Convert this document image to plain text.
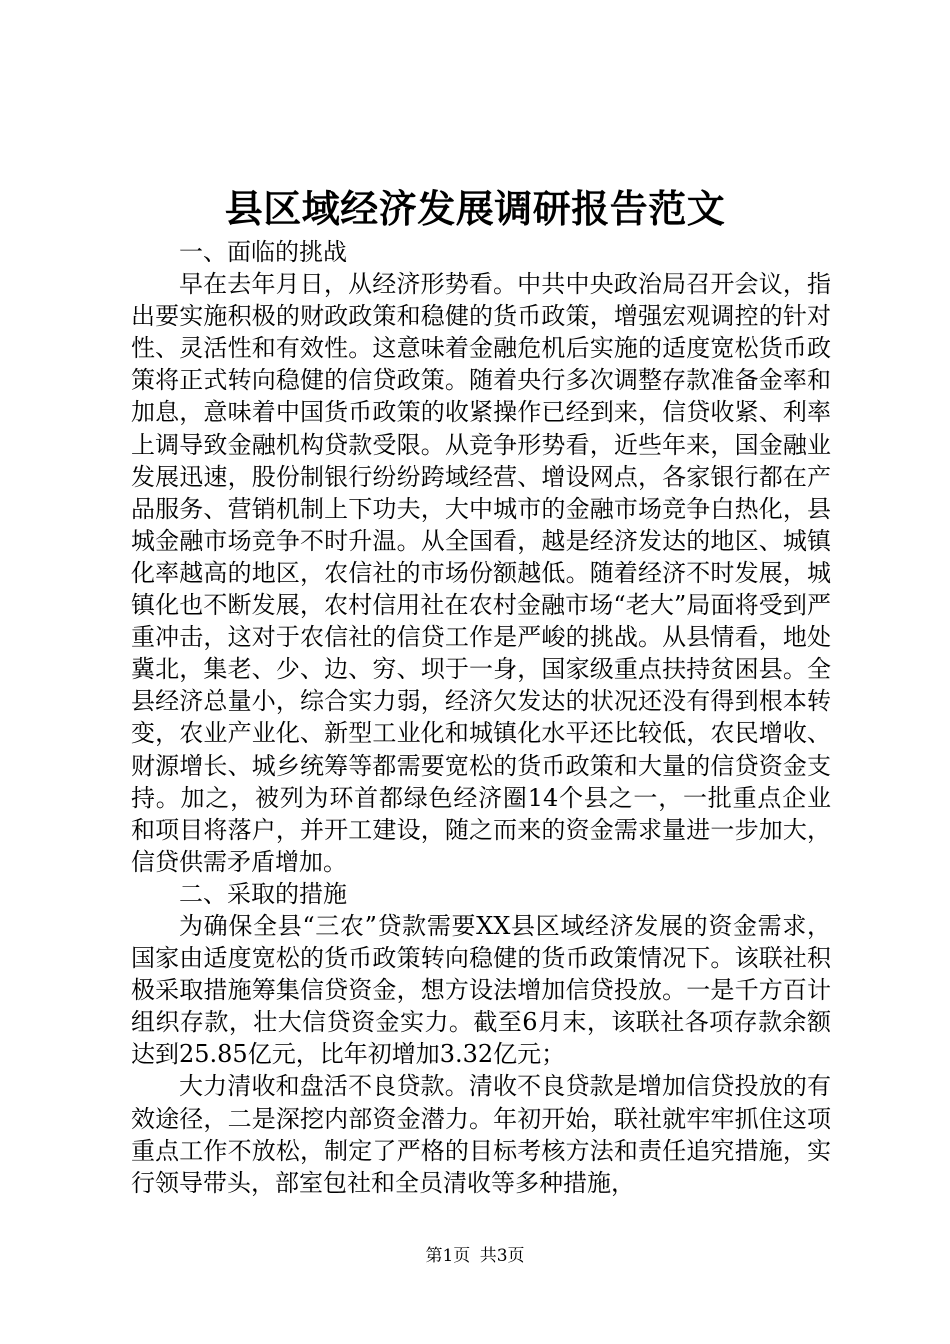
县区域经济发展调研报告范文

一、面临的挑战

早在去年月日，从经济形势看。中共中央政治局召开会议，指出要实施积极的财政政策和稳健的货币政策，增强宏观调控的针对性、灵活性和有效性。这意味着金融危机后实施的适度宽松货币政策将正式转向稳健的信贷政策。随着央行多次调整存款准备金率和加息，意味着中国货币政策的收紧操作已经到来，信贷收紧、利率上调导致金融机构贷款受限。从竞争形势看，近些年来，国金融业发展迅速，股份制银行纷纷跨域经营、增设网点，各家银行都在产品服务、营销机制上下功夫，大中城市的金融市场竞争白热化，县城金融市场竞争不时升温。从全国看，越是经济发达的地区、城镇化率越高的地区，农信社的市场份额越低。随着经济不时发展，城镇化也不断发展，农村信用社在农村金融市场“老大”局面将受到严重冲击，这对于农信社的信贷工作是严峻的挑战。从县情看，地处冀北，集老、少、边、穷、坝于一身，国家级重点扶持贫困县。全县经济总量小，综合实力弱，经济欠发达的状况还没有得到根本转变，农业产业化、新型工业化和城镇化水平还比较低，农民增收、财源增长、城乡统筹等都需要宽松的货币政策和大量的信贷资金支持。加之，被列为环首都绿色经济圈14个县之一，一批重点企业和项目将落户，并开工建设，随之而来的资金需求量进一步加大，信贷供需矛盾增加。

二、采取的措施

为确保全县“三农”贷款需要XX县区域经济发展的资金需求，国家由适度宽松的货币政策转向稳健的货币政策情况下。该联社积极采取措施筹集信贷资金，想方设法增加信贷投放。一是千方百计组织存款，壮大信贷资金实力。截至6月末，该联社各项存款余额达到25.85亿元，比年初增加3.32亿元；

大力清收和盘活不良贷款。清收不良贷款是增加信贷投放的有效途径，二是深挖内部资金潜力。年初开始，联社就牢牢抓住这项重点工作不放松，制定了严格的目标考核方法和责任追究措施，实行领导带头，部室包社和全员清收等多种措施，

第1页 共3页
